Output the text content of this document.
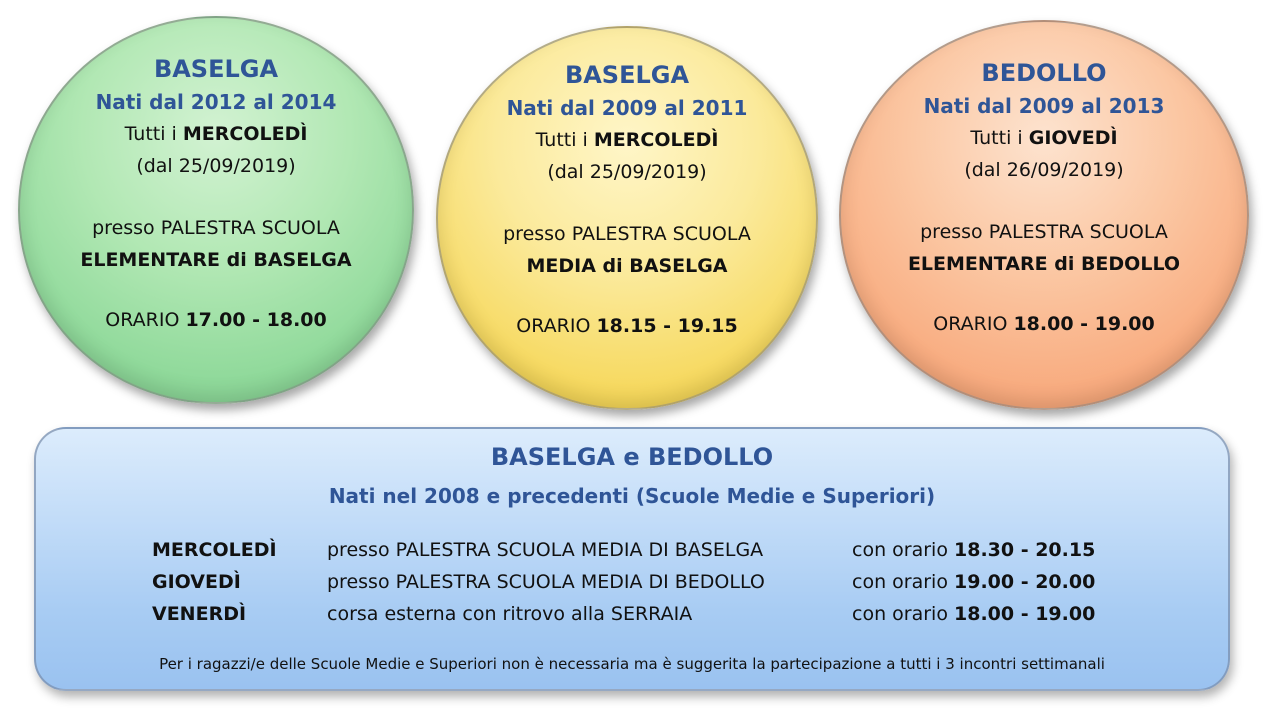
BASELGA
Nati dal 2012 al 2014
Tutti i MERCOLEDÌ
(dal 25/09/2019)
presso PALESTRA SCUOLA
ELEMENTARE di BASELGA
ORARIO 17.00 - 18.00
BASELGA
Nati dal 2009 al 2011
Tutti i MERCOLEDÌ
(dal 25/09/2019)
presso PALESTRA SCUOLA
MEDIA di BASELGA
ORARIO 18.15 - 19.15
BEDOLLO
Nati dal 2009 al 2013
Tutti i GIOVEDÌ
(dal 26/09/2019)
presso PALESTRA SCUOLA
ELEMENTARE di BEDOLLO
ORARIO 18.00 - 19.00
BASELGA e BEDOLLO
Nati nel 2008 e precedenti (Scuole Medie e Superiori)
MERCOLEDÌ	presso PALESTRA SCUOLA MEDIA DI BASELGA	con orario 18.30 - 20.15
GIOVEDÌ	presso PALESTRA SCUOLA MEDIA DI BEDOLLO	con orario 19.00 - 20.00
VENERDÌ	corsa esterna con ritrovo alla SERRAIA	con orario 18.00 - 19.00
Per i ragazzi/e delle Scuole Medie e Superiori non è necessaria ma è suggerita la partecipazione a tutti i 3 incontri settimanali
